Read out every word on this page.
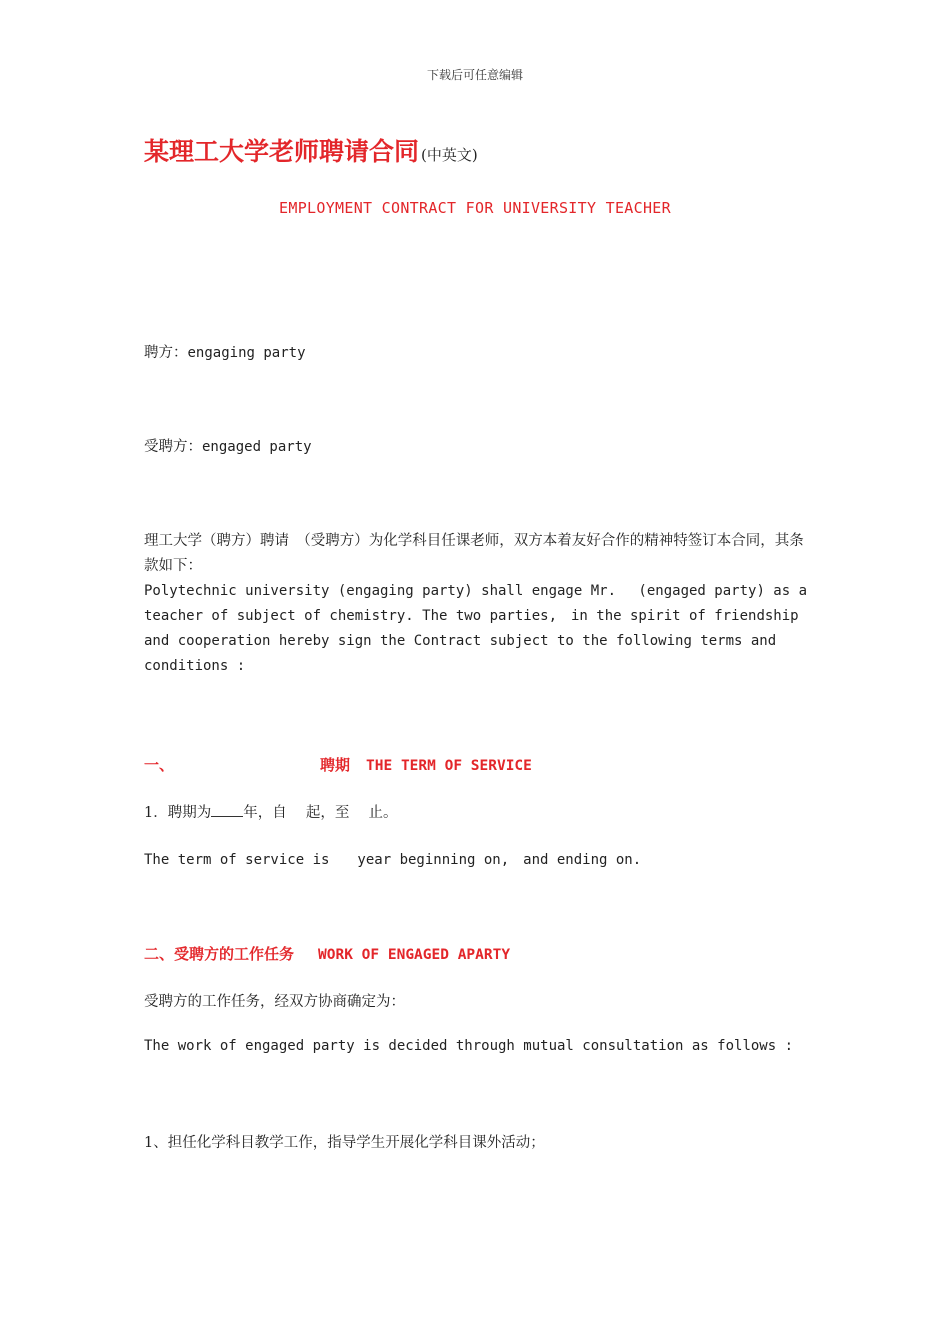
下载后可任意编辑
某理工大学老师聘请合同 (中英文)
EMPLOYMENT CONTRACT FOR UNIVERSITY TEACHER
聘方：engaging party
受聘方：engaged party
理工大学（聘方）聘请　（受聘方）为化学科目任课老师，双方本着友好合作的精神特签订本合同，其条款如下：
Polytechnic university (engaging party) shall engage Mr.　 (engaged party) as a teacher of subject of chemistry. The two parties,　in the spirit of friendship and cooperation hereby sign the Contract subject to the following terms and conditions :
一、	聘期 THE TERM OF SERVICE
1．聘期为 年，自　 起，至　 止。
The term of service is　　year beginning on,　and ending on.
二、受聘方的工作任务 WORK OF ENGAGED APARTY
受聘方的工作任务，经双方协商确定为：
The work of engaged party is decided through mutual consultation as follows :
1、担任化学科目教学工作，指导学生开展化学科目课外活动；
